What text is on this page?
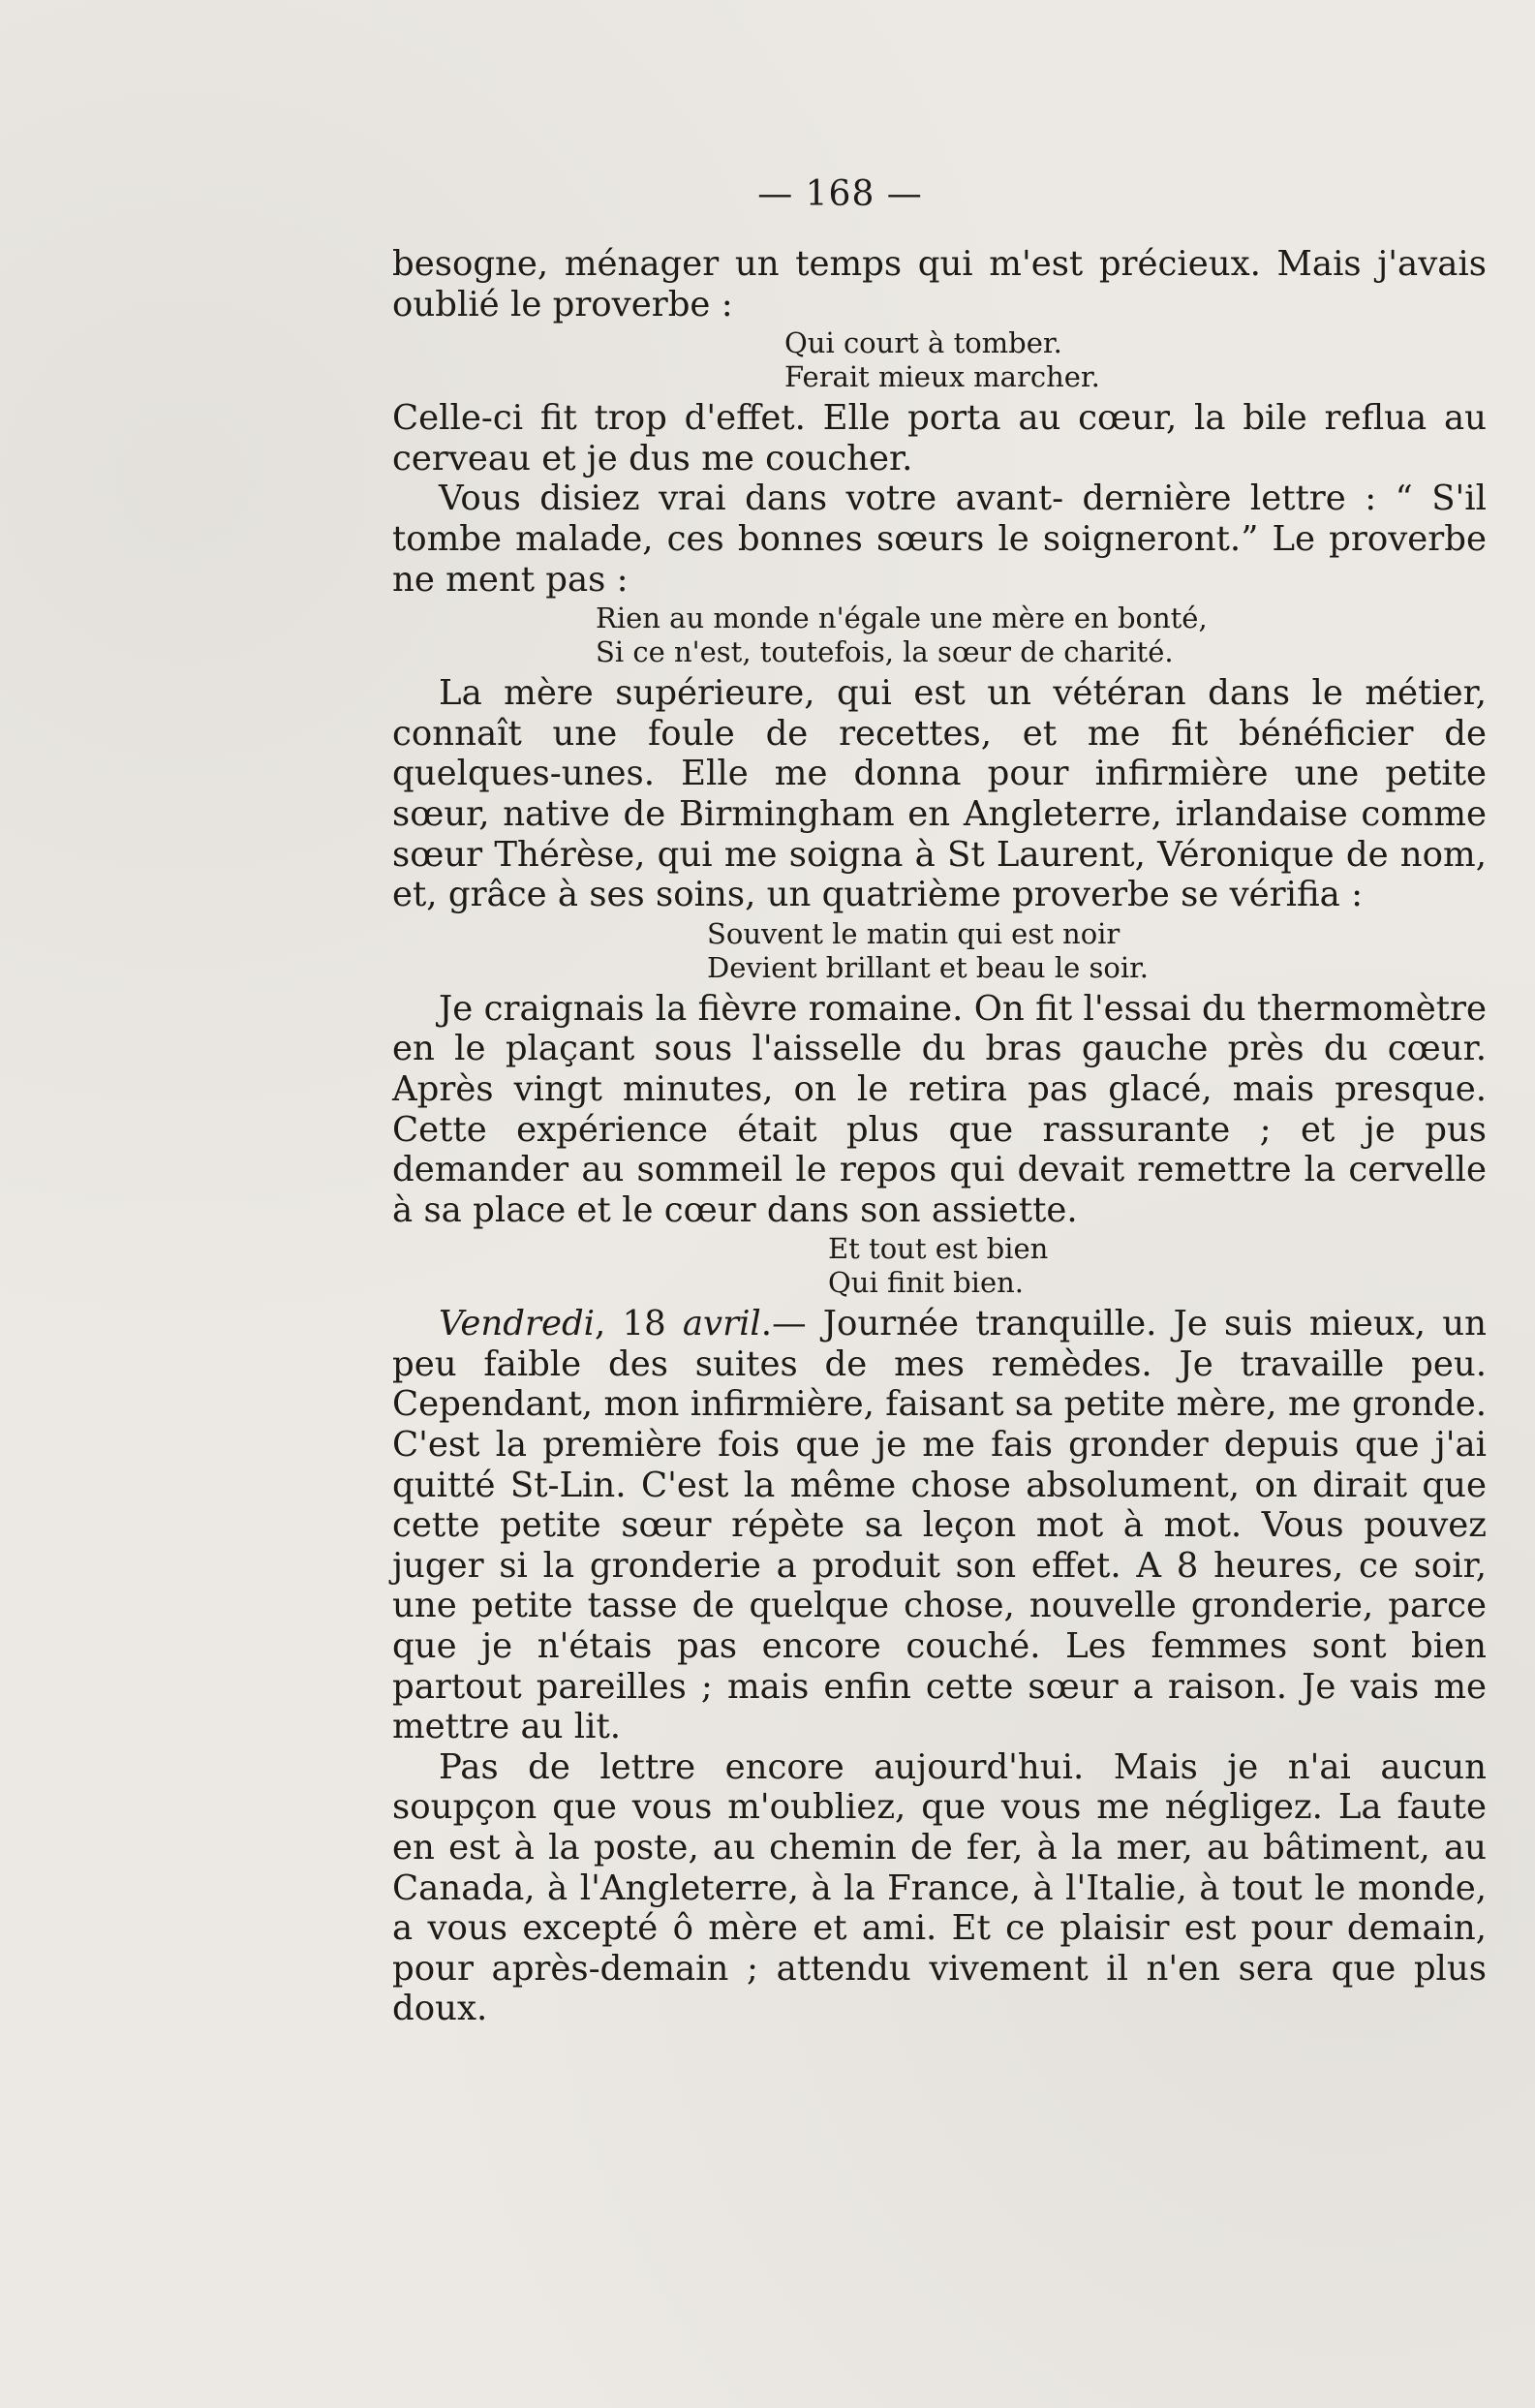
— 168 —

besogne, ménager un temps qui m'est précieux. Mais j'avais oublié le proverbe :

Qui court à tomber.
Ferait mieux marcher.

Celle-ci fit trop d'effet. Elle porta au cœur, la bile reflua au cerveau et je dus me coucher.

Vous disiez vrai dans votre avant- dernière lettre : “ S'il tombe malade, ces bonnes sœurs le soigneront.” Le proverbe ne ment pas :

Rien au monde n'égale une mère en bonté,
Si ce n'est, toutefois, la sœur de charité.

La mère supérieure, qui est un vétéran dans le métier, connaît une foule de recettes, et me fit bénéficier de quelques-unes. Elle me donna pour infirmière une petite sœur, native de Birmingham en Angleterre, irlandaise comme sœur Thérèse, qui me soigna à St Laurent, Véronique de nom, et, grâce à ses soins, un quatrième proverbe se vérifia :

Souvent le matin qui est noir
Devient brillant et beau le soir.

Je craignais la fièvre romaine. On fit l'essai du thermomètre en le plaçant sous l'aisselle du bras gauche près du cœur. Après vingt minutes, on le retira pas glacé, mais presque. Cette expérience était plus que rassurante ; et je pus demander au sommeil le repos qui devait remettre la cervelle à sa place et le cœur dans son assiette.

Et tout est bien
Qui finit bien.

Vendredi, 18 avril.— Journée tranquille. Je suis mieux, un peu faible des suites de mes remèdes. Je travaille peu. Cependant, mon infirmière, faisant sa petite mère, me gronde. C'est la première fois que je me fais gronder depuis que j'ai quitté St-Lin. C'est la même chose absolument, on dirait que cette petite sœur répète sa leçon mot à mot. Vous pouvez juger si la gronderie a produit son effet. A 8 heures, ce soir, une petite tasse de quelque chose, nouvelle gronderie, parce que je n'étais pas encore couché. Les femmes sont bien partout pareilles ; mais enfin cette sœur a raison. Je vais me mettre au lit.

Pas de lettre encore aujourd'hui. Mais je n'ai aucun soupçon que vous m'oubliez, que vous me négligez. La faute en est à la poste, au chemin de fer, à la mer, au bâtiment, au Canada, à l'Angleterre, à la France, à l'Italie, à tout le monde, a vous excepté ô mère et ami. Et ce plaisir est pour demain, pour après-demain ; attendu vivement il n'en sera que plus doux.
